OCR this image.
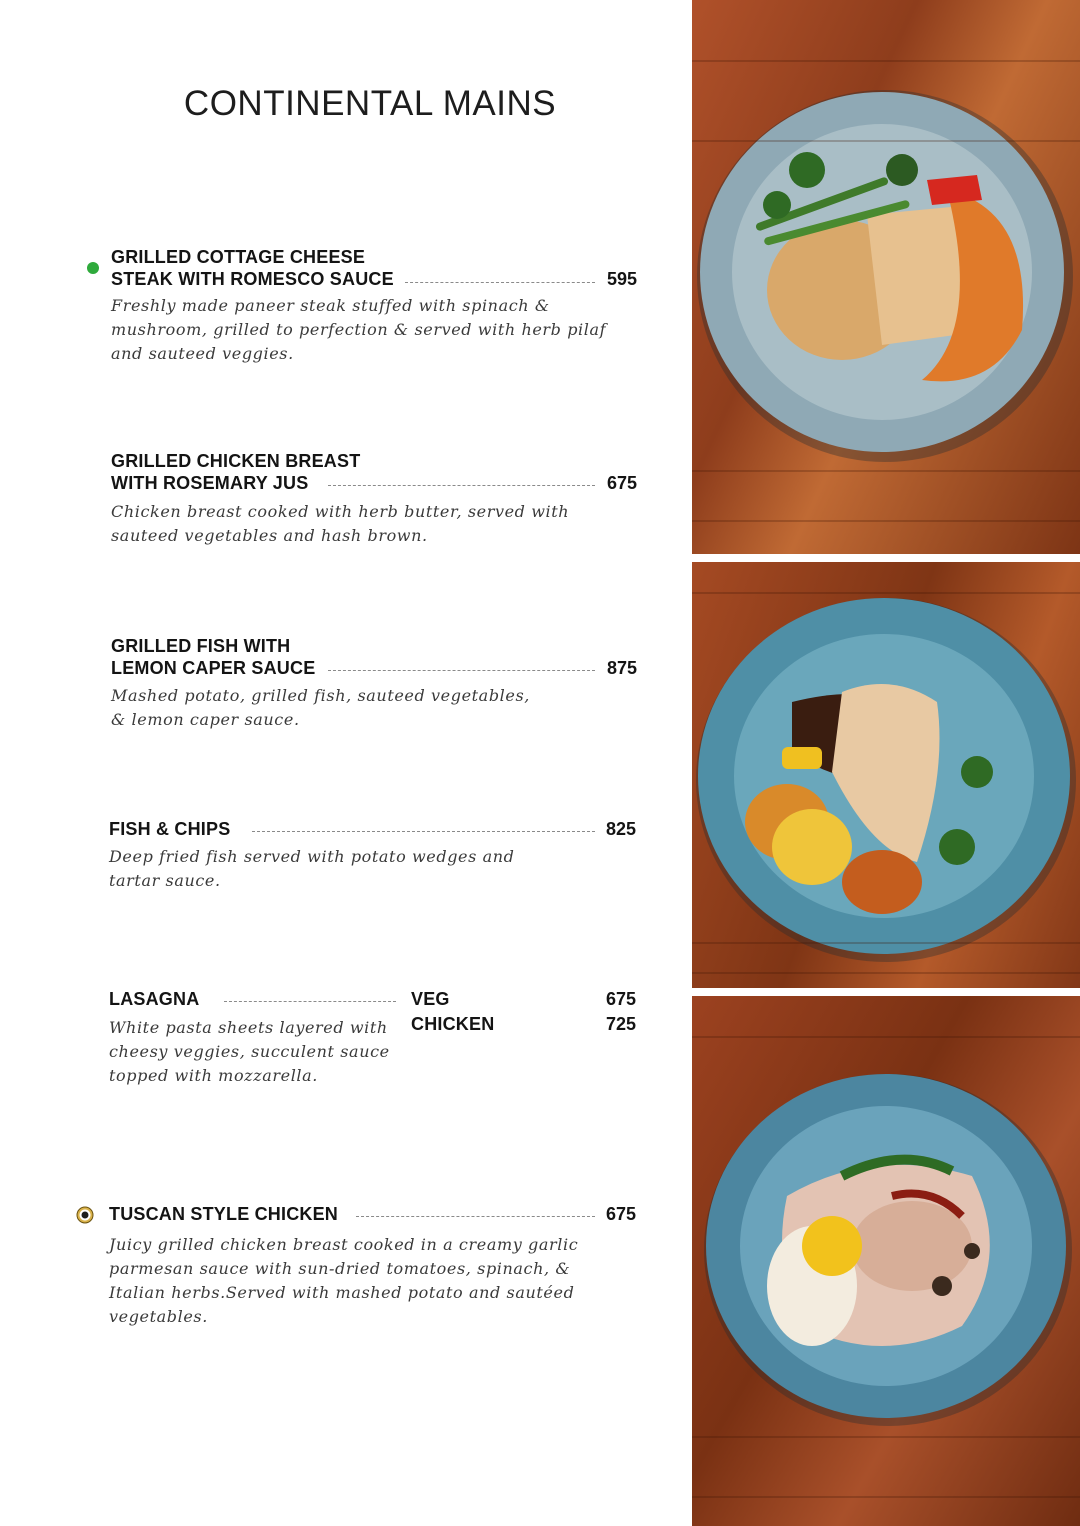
CONTINENTAL MAINS
GRILLED COTTAGE CHEESE
STEAK WITH ROMESCO SAUCE	595
Freshly made paneer steak stuffed with spinach &
mushroom, grilled to perfection & served with herb pilaf
and sauteed veggies.
GRILLED CHICKEN BREAST
WITH ROSEMARY JUS	675
Chicken breast cooked with herb butter, served with
sauteed vegetables and hash brown.
GRILLED FISH WITH
LEMON CAPER SAUCE	875
Mashed potato, grilled fish, sauteed vegetables,
& lemon caper sauce.
FISH & CHIPS	825
Deep fried fish served with potato wedges and
tartar sauce.
LASAGNA	VEG	675
CHICKEN	725
White pasta sheets layered with
cheesy veggies, succulent sauce
topped with mozzarella.
TUSCAN STYLE CHICKEN	675
Juicy grilled chicken breast cooked in a creamy garlic
parmesan sauce with sun-dried tomatoes, spinach, &
Italian herbs.Served with mashed potato and sautéed
vegetables.
